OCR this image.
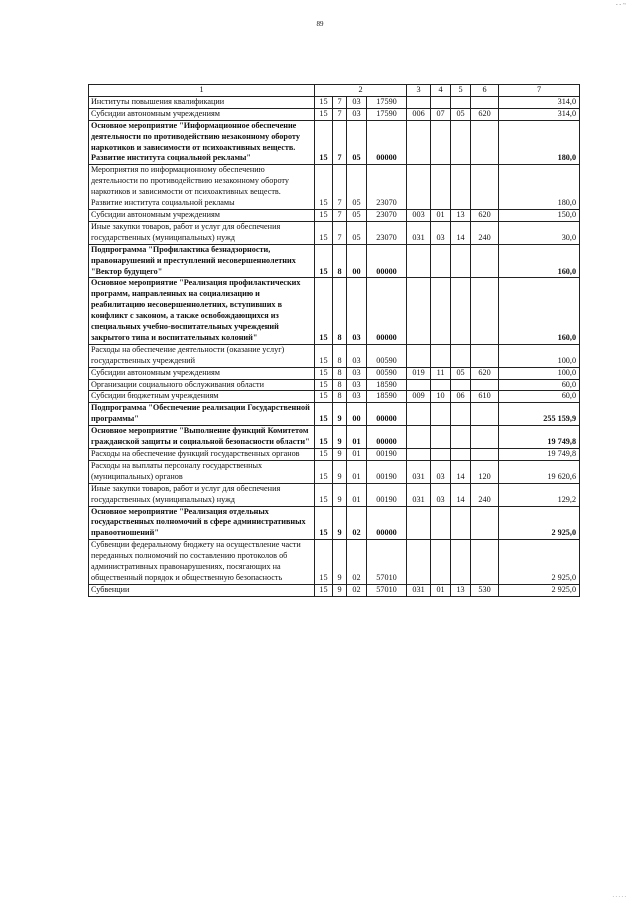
- - ~
89
1	2				3	4	5	6	7
Институты повышения квалификации	15	7	03	17590					314,0
Субсидии автономным учреждениям	15	7	03	17590	006	07	05	620	314,0
Основное мероприятие "Информационное обеспечение деятельности по противодействию незаконному обороту наркотиков и зависимости от психоактивных веществ. Развитие института социальной рекламы"	15	7	05	00000					180,0
Мероприятия по информационному обеспечению деятельности по противодействию незаконному обороту наркотиков и зависимости от психоактивных веществ. Развитие института социальной рекламы	15	7	05	23070					180,0
Субсидии автономным учреждениям	15	7	05	23070	003	01	13	620	150,0
Иные закупки товаров, работ и услуг для обеспечения государственных (муниципальных) нужд	15	7	05	23070	031	03	14	240	30,0
Подпрограмма "Профилактика безнадзорности, правонарушений и преступлений несовершеннолетних "Вектор будущего"	15	8	00	00000					160,0
Основное мероприятие "Реализация профилактических программ, направленных на социализацию и реабилитацию несовершеннолетних, вступивших в конфликт с законом, а также освобождающихся из специальных учебно-воспитательных учреждений закрытого типа и воспитательных колоний"	15	8	03	00000					160,0
Расходы на обеспечение деятельности (оказание услуг) государственных учреждений	15	8	03	00590					100,0
Субсидии автономным учреждениям	15	8	03	00590	019	11	05	620	100,0
Организации социального обслуживания области	15	8	03	18590					60,0
Субсидии бюджетным учреждениям	15	8	03	18590	009	10	06	610	60,0
Подпрограмма "Обеспечение реализации Государственной программы"	15	9	00	00000					255 159,9
Основное мероприятие "Выполнение функций Комитетом гражданской защиты и социальной безопасности области"	15	9	01	00000					19 749,8
Расходы на обеспечение функций государственных органов	15	9	01	00190					19 749,8
Расходы на выплаты персоналу государственных (муниципальных) органов	15	9	01	00190	031	03	14	120	19 620,6
Иные закупки товаров, работ и услуг для обеспечения государственных (муниципальных) нужд	15	9	01	00190	031	03	14	240	129,2
Основное мероприятие "Реализация отдельных государственных полномочий в сфере административных правоотношений"	15	9	02	00000					2 925,0
Субвенции федеральному бюджету на осуществление части переданных полномочий по составлению протоколов об административных правонарушениях, посягающих на общественный порядок и общественную безопасность	15	9	02	57010					2 925,0
Субвенции	15	9	02	57010	031	01	13	530	2 925,0
. . . . .
